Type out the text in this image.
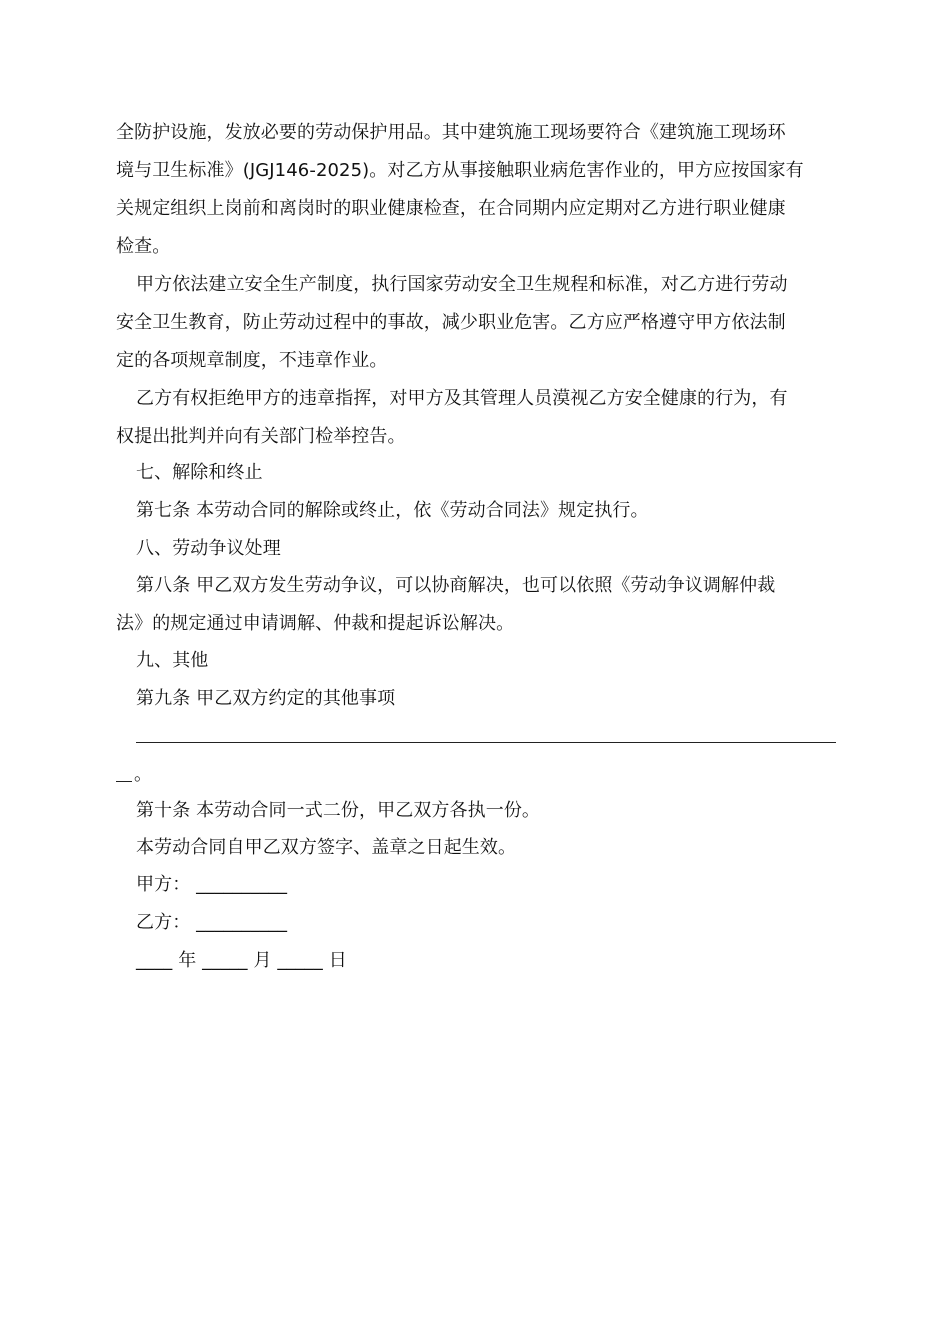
全防护设施，发放必要的劳动保护用品。其中建筑施工现场要符合《建筑施工现场环
境与卫生标准》(JGJ146-2025)。对乙方从事接触职业病危害作业的，甲方应按国家有
关规定组织上岗前和离岗时的职业健康检查，在合同期内应定期对乙方进行职业健康
检查。
甲方依法建立安全生产制度，执行国家劳动安全卫生规程和标准，对乙方进行劳动
安全卫生教育，防止劳动过程中的事故，减少职业危害。乙方应严格遵守甲方依法制
定的各项规章制度，不违章作业。
乙方有权拒绝甲方的违章指挥，对甲方及其管理人员漠视乙方安全健康的行为，有
权提出批判并向有关部门检举控告。
七、解除和终止
第七条 本劳动合同的解除或终止，依《劳动合同法》规定执行。
八、劳动争议处理
第八条 甲乙双方发生劳动争议，可以协商解决，也可以依照《劳动争议调解仲裁
法》的规定通过申请调解、仲裁和提起诉讼解决。
九、其他
第九条 甲乙双方约定的其他事项
。
第十条 本劳动合同一式二份，甲乙双方各执一份。
本劳动合同自甲乙双方签字、盖章之日起生效。
甲方： __________
乙方： __________
____ 年 _____ 月 _____ 日
